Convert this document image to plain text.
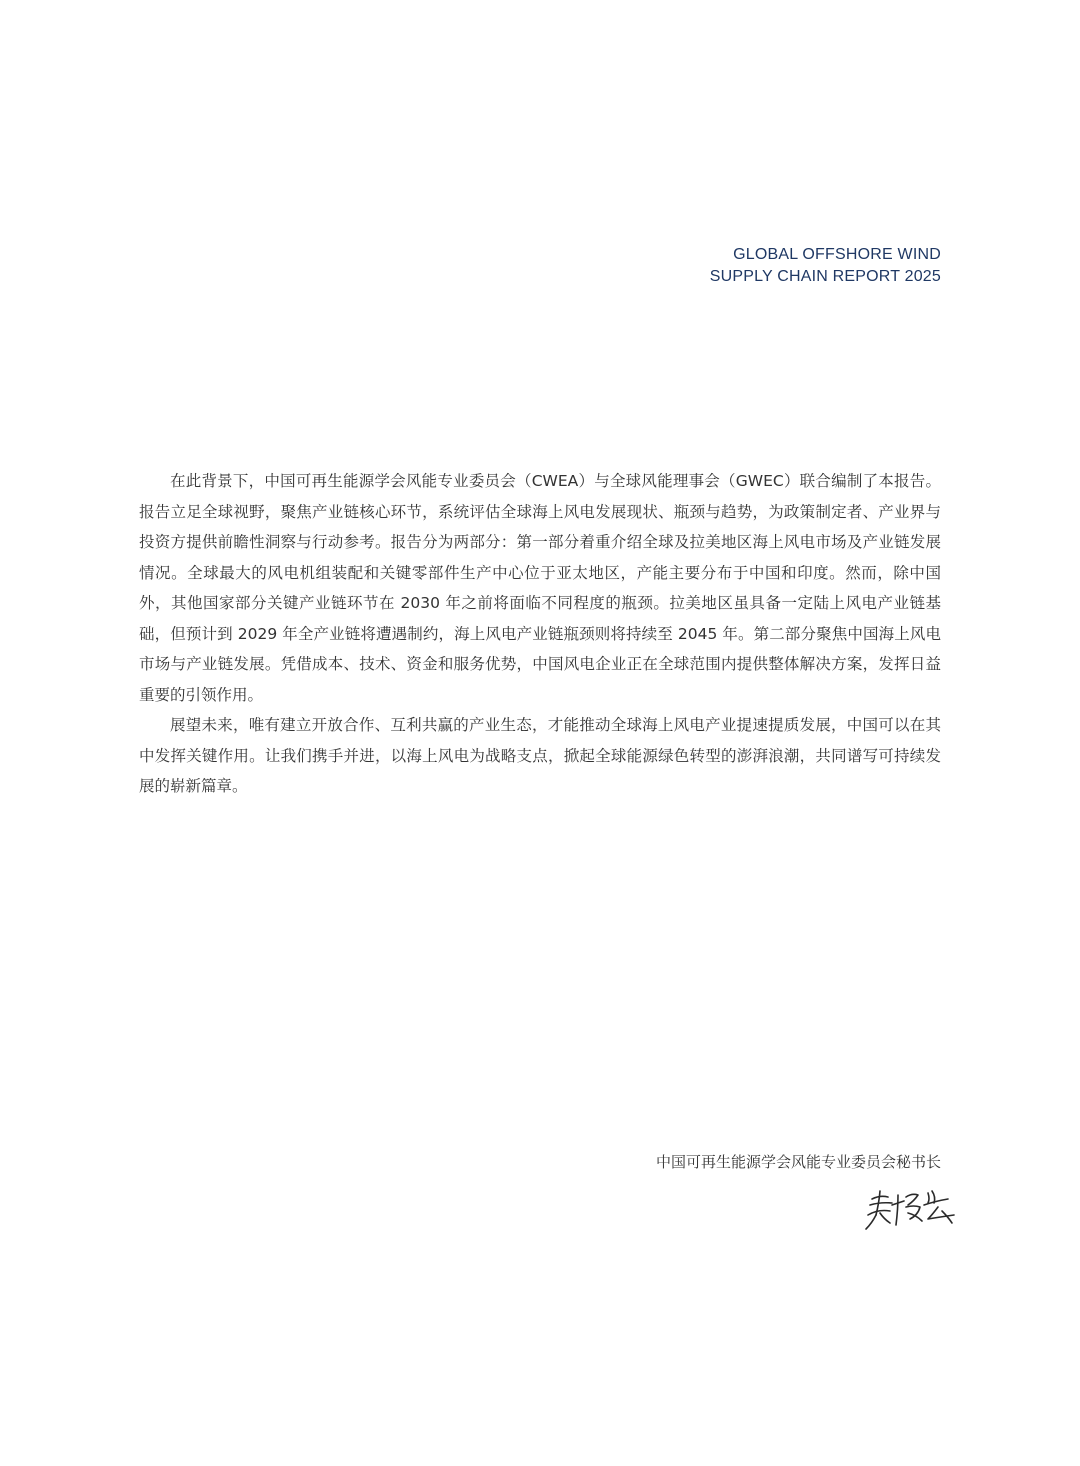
GLOBAL OFFSHORE WIND
SUPPLY CHAIN REPORT 2025

在此背景下，中国可再生能源学会风能专业委员会（CWEA）与全球风能理事会（GWEC）联合编制了本报告。报告立足全球视野，聚焦产业链核心环节，系统评估全球海上风电发展现状、瓶颈与趋势，为政策制定者、产业界与投资方提供前瞻性洞察与行动参考。报告分为两部分：第一部分着重介绍全球及拉美地区海上风电市场及产业链发展情况。全球最大的风电机组装配和关键零部件生产中心位于亚太地区，产能主要分布于中国和印度。然而，除中国外，其他国家部分关键产业链环节在 2030 年之前将面临不同程度的瓶颈。拉美地区虽具备一定陆上风电产业链基础，但预计到 2029 年全产业链将遭遇制约，海上风电产业链瓶颈则将持续至 2045 年。第二部分聚焦中国海上风电市场与产业链发展。凭借成本、技术、资金和服务优势，中国风电企业正在全球范围内提供整体解决方案，发挥日益重要的引领作用。

展望未来，唯有建立开放合作、互利共赢的产业生态，才能推动全球海上风电产业提速提质发展，中国可以在其中发挥关键作用。让我们携手并进，以海上风电为战略支点，掀起全球能源绿色转型的澎湃浪潮，共同谱写可持续发展的崭新篇章。

中国可再生能源学会风能专业委员会秘书长
